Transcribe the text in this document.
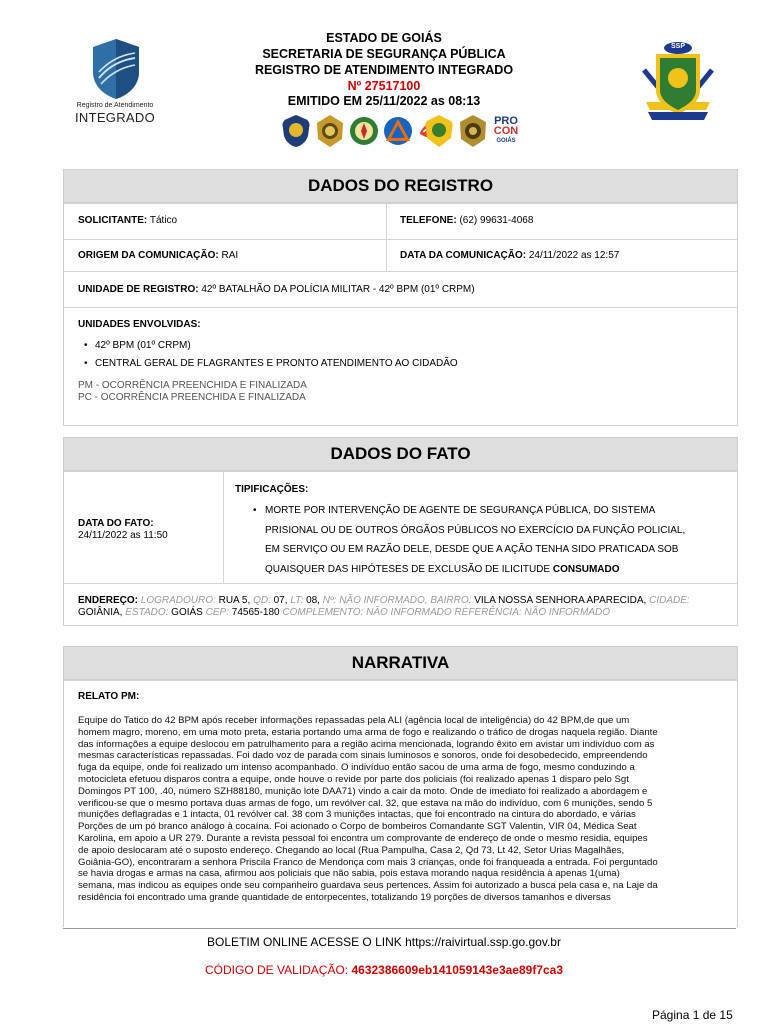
Registro de Atendimento
INTEGRADO
ESTADO DE GOIÁS
SECRETARIA DE SEGURANÇA PÚBLICA
REGISTRO DE ATENDIMENTO INTEGRADO
Nº 27517100
EMITIDO EM 25/11/2022 as 08:13
PRO
CON
GOIÁS
SSP
DADOS DO REGISTRO
SOLICITANTE: Tático	TELEFONE: (62) 99631-4068
ORIGEM DA COMUNICAÇÃO: RAI	DATA DA COMUNICAÇÃO: 24/11/2022 as 12:57
UNIDADE DE REGISTRO: 42º BATALHÃO DA POLÍCIA MILITAR - 42º BPM (01º CRPM)
UNIDADES ENVOLVIDAS:
• 42º BPM (01º CRPM)
• CENTRAL GERAL DE FLAGRANTES E PRONTO ATENDIMENTO AO CIDADÃO
PM - OCORRÊNCIA PREENCHIDA E FINALIZADA
PC - OCORRÊNCIA PREENCHIDA E FINALIZADA
DADOS DO FATO
DATA DO FATO:
24/11/2022 as 11:50
TIPIFICAÇÕES:
• MORTE POR INTERVENÇÃO DE AGENTE DE SEGURANÇA PÚBLICA, DO SISTEMA
PRISIONAL OU DE OUTROS ÓRGÃOS PÚBLICOS NO EXERCÍCIO DA FUNÇÃO POLICIAL,
EM SERVIÇO OU EM RAZÃO DELE, DESDE QUE A AÇÃO TENHA SIDO PRATICADA SOB
QUAISQUER DAS HIPÓTESES DE EXCLUSÃO DE ILICITUDE CONSUMADO
ENDEREÇO: LOGRADOURO: RUA 5, QD: 07, LT: 08, Nº: NÃO INFORMADO, BAIRRO: VILA NOSSA SENHORA APARECIDA, CIDADE: GOIÂNIA, ESTADO: GOIÁS CEP: 74565-180 COMPLEMENTO: NÃO INFORMADO REFERÊNCIA: NÃO INFORMADO
NARRATIVA
RELATO PM:
Equipe do Tatico do 42 BPM após receber informações repassadas pela ALI (agência local de inteligência) do 42 BPM,de que um
homem magro, moreno, em uma moto preta, estaria portando uma arma de fogo e realizando o tráfico de drogas naquela região. Diante
das informações a equipe deslocou em patrulhamento para a região acima mencionada, logrando êxito em avistar um indivíduo com as
mesmas características repassadas. Foi dado voz de parada com sinais luminosos e sonoros, onde foi desobedecido, empreendendo
fuga da equipe, onde foi realizado um intenso acompanhado. O indivíduo então sacou de uma arma de fogo, mesmo conduzindo a
motocicleta efetuou disparos contra a equipe, onde houve o revide por parte dos policiais (foi realizado apenas 1 disparo pelo Sgt
Domingos PT 100, .40, número SZH88180, munição lote DAA71) vindo a cair da moto. Onde de imediato foi realizado a abordagem e
verificou-se que o mesmo portava duas armas de fogo, um revólver cal. 32, que estava na mão do indivíduo, com 6 munições, sendo 5
munições deflagradas e 1 intacta, 01 revólver cal. 38 com 3 munições intactas, que foi encontrado na cintura do abordado, e várias
Porções de um pó branco análogo à cocaína. Foi acionado o Corpo de bombeiros Comandante SGT Valentin, VIR 04, Médica Seat
Karolina, em apoio a UR 279. Durante a revista pessoal foi encontra um comprovante de endereço de onde o mesmo residia, equipes
de apoio deslocaram até o suposto endereço. Chegando ao local (Rua Pampulha, Casa 2, Qd 73, Lt 42, Setor Urias Magalhães,
Goiânia-GO), encontraram a senhora Priscila Franco de Mendonça com mais 3 crianças, onde foi franqueada a entrada. Foi perguntado
se havia drogas e armas na casa, afirmou aos policiais que não sabia, pois estava morando naqua residência à apenas 1(uma)
semana, mas indicou as equipes onde seu companheiro guardava seus pertences. Assim foi autorizado a busca pela casa e, na Laje da
residência foi encontrado uma grande quantidade de entorpecentes, totalizando 19 porções de diversos tamanhos e diversas
BOLETIM ONLINE ACESSE O LINK https://raivirtual.ssp.go.gov.br
CÓDIGO DE VALIDAÇÃO: 4632386609eb141059143e3ae89f7ca3
Página 1 de 15
